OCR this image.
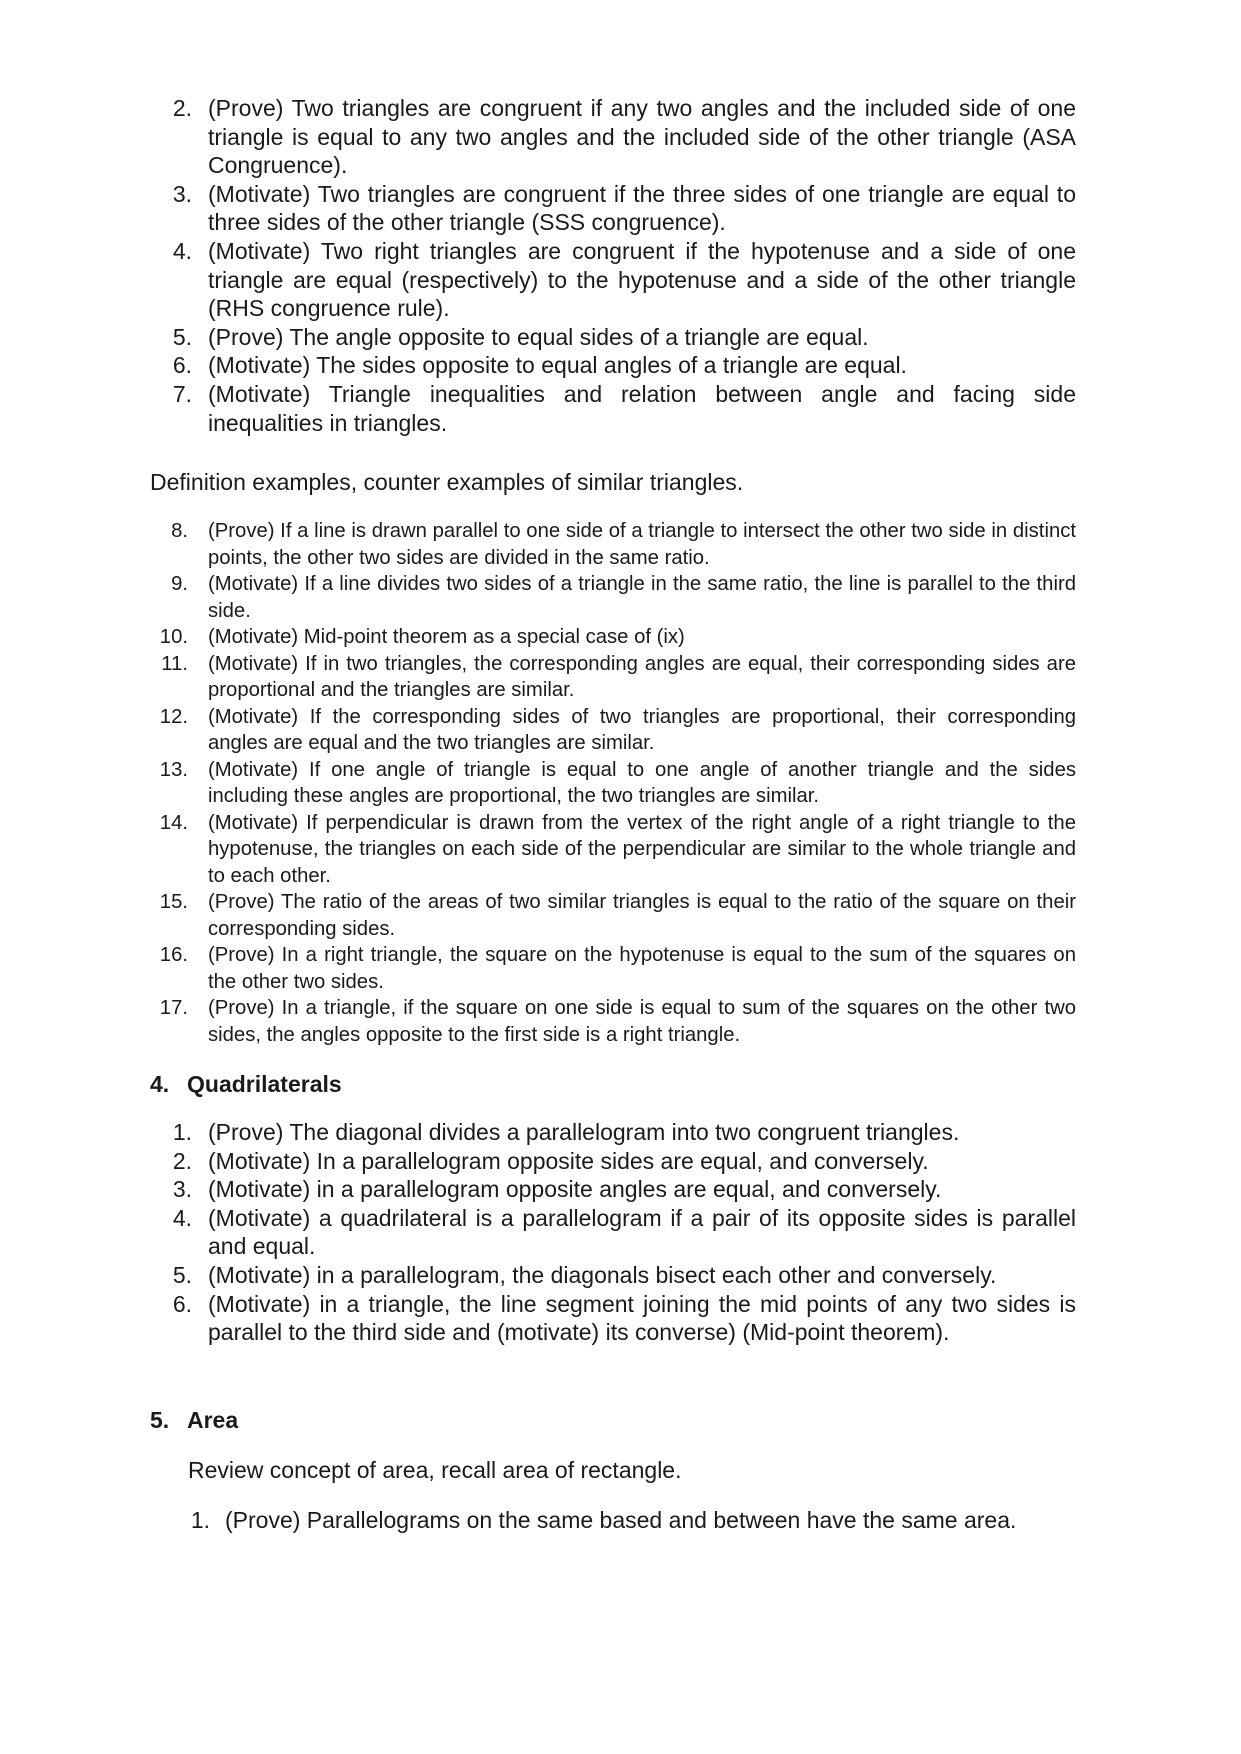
2. (Prove) Two triangles are congruent if any two angles and the included side of one triangle is equal to any two angles and the included side of the other triangle (ASA Congruence).
3. (Motivate) Two triangles are congruent if the three sides of one triangle are equal to three sides of the other triangle (SSS congruence).
4. (Motivate) Two right triangles are congruent if the hypotenuse and a side of one triangle are equal (respectively) to the hypotenuse and a side of the other triangle (RHS congruence rule).
5. (Prove) The angle opposite to equal sides of a triangle are equal.
6. (Motivate) The sides opposite to equal angles of a triangle are equal.
7. (Motivate) Triangle inequalities and relation between angle and facing side inequalities in triangles.

Definition examples, counter examples of similar triangles.

8. (Prove) If a line is drawn parallel to one side of a triangle to intersect the other two side in distinct points, the other two sides are divided in the same ratio.
9. (Motivate) If a line divides two sides of a triangle in the same ratio, the line is parallel to the third side.
10. (Motivate) Mid-point theorem as a special case of (ix)
11. (Motivate) If in two triangles, the corresponding angles are equal, their corresponding sides are proportional and the triangles are similar.
12. (Motivate) If the corresponding sides of two triangles are proportional, their corresponding angles are equal and the two triangles are similar.
13. (Motivate) If one angle of triangle is equal to one angle of another triangle and the sides including these angles are proportional, the two triangles are similar.
14. (Motivate) If perpendicular is drawn from the vertex of the right angle of a right triangle to the hypotenuse, the triangles on each side of the perpendicular are similar to the whole triangle and to each other.
15. (Prove) The ratio of the areas of two similar triangles is equal to the ratio of the square on their corresponding sides.
16. (Prove) In a right triangle, the square on the hypotenuse is equal to the sum of the squares on the other two sides.
17. (Prove) In a triangle, if the square on one side is equal to sum of the squares on the other two sides, the angles opposite to the first side is a right triangle.
4. Quadrilaterals
1. (Prove) The diagonal divides a parallelogram into two congruent triangles.
2. (Motivate) In a parallelogram opposite sides are equal, and conversely.
3. (Motivate) in a parallelogram opposite angles are equal, and conversely.
4. (Motivate) a quadrilateral is a parallelogram if a pair of its opposite sides is parallel and equal.
5. (Motivate) in a parallelogram, the diagonals bisect each other and conversely.
6. (Motivate) in a triangle, the line segment joining the mid points of any two sides is parallel to the third side and (motivate) its converse) (Mid-point theorem).
5. Area

Review concept of area, recall area of rectangle.

1. (Prove) Parallelograms on the same based and between have the same area.
